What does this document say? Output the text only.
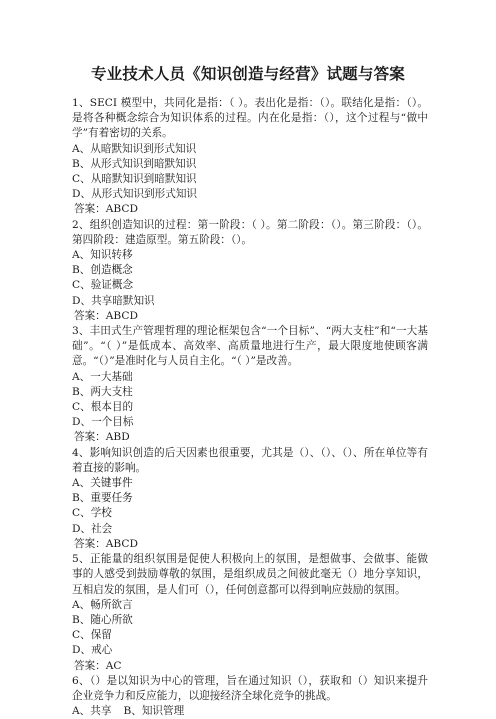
专业技术人员《知识创造与经营》试题与答案
1、SECI 模型中，共同化是指：（ ）。表出化是指：（）。联结化是指：（）。是将各种概念综合为知识体系的过程。内在化是指：（），这个过程与“做中学”有着密切的关系。
A、从暗默知识到形式知识
B、从形式知识到暗默知识
C、从暗默知识到暗默知识
D、从形式知识到形式知识
答案：ABCD
2、组织创造知识的过程：第一阶段：（ ）。第二阶段：（）。第三阶段：（）。第四阶段：建造原型。第五阶段：（）。
A、知识转移
B、创造概念
C、验证概念
D、共享暗默知识
答案：ABCD
3、丰田式生产管理哲理的理论框架包含“一个目标”、“两大支柱”和“一大基础”。“（ ）”是低成本、高效率、高质量地进行生产，最大限度地使顾客满意。“（）”是准时化与人员自主化。“（ ）”是改善。
A、一大基础
B、两大支柱
C、根本目的
D、一个目标
答案：ABD
4、影响知识创造的后天因素也很重要，尤其是（）、（）、（）、所在单位等有着直接的影响。
A、关键事件
B、重要任务
C、学校
D、社会
答案：ABCD
5、正能量的组织氛围是促使人积极向上的氛围，是想做事、会做事、能做事的人感受到鼓励尊敬的氛围，是组织成员之间彼此毫无（）地分享知识，互相启发的氛围，是人们可（），任何创意都可以得到响应鼓励的氛围。
A、畅所欲言
B、随心所欲
C、保留
D、戒心
答案：AC
6、（）是以知识为中心的管理，旨在通过知识（），获取和（）知识来提升企业竞争力和反应能力，以迎接经济全球化竞争的挑战。
A、共享 B、知识管理
